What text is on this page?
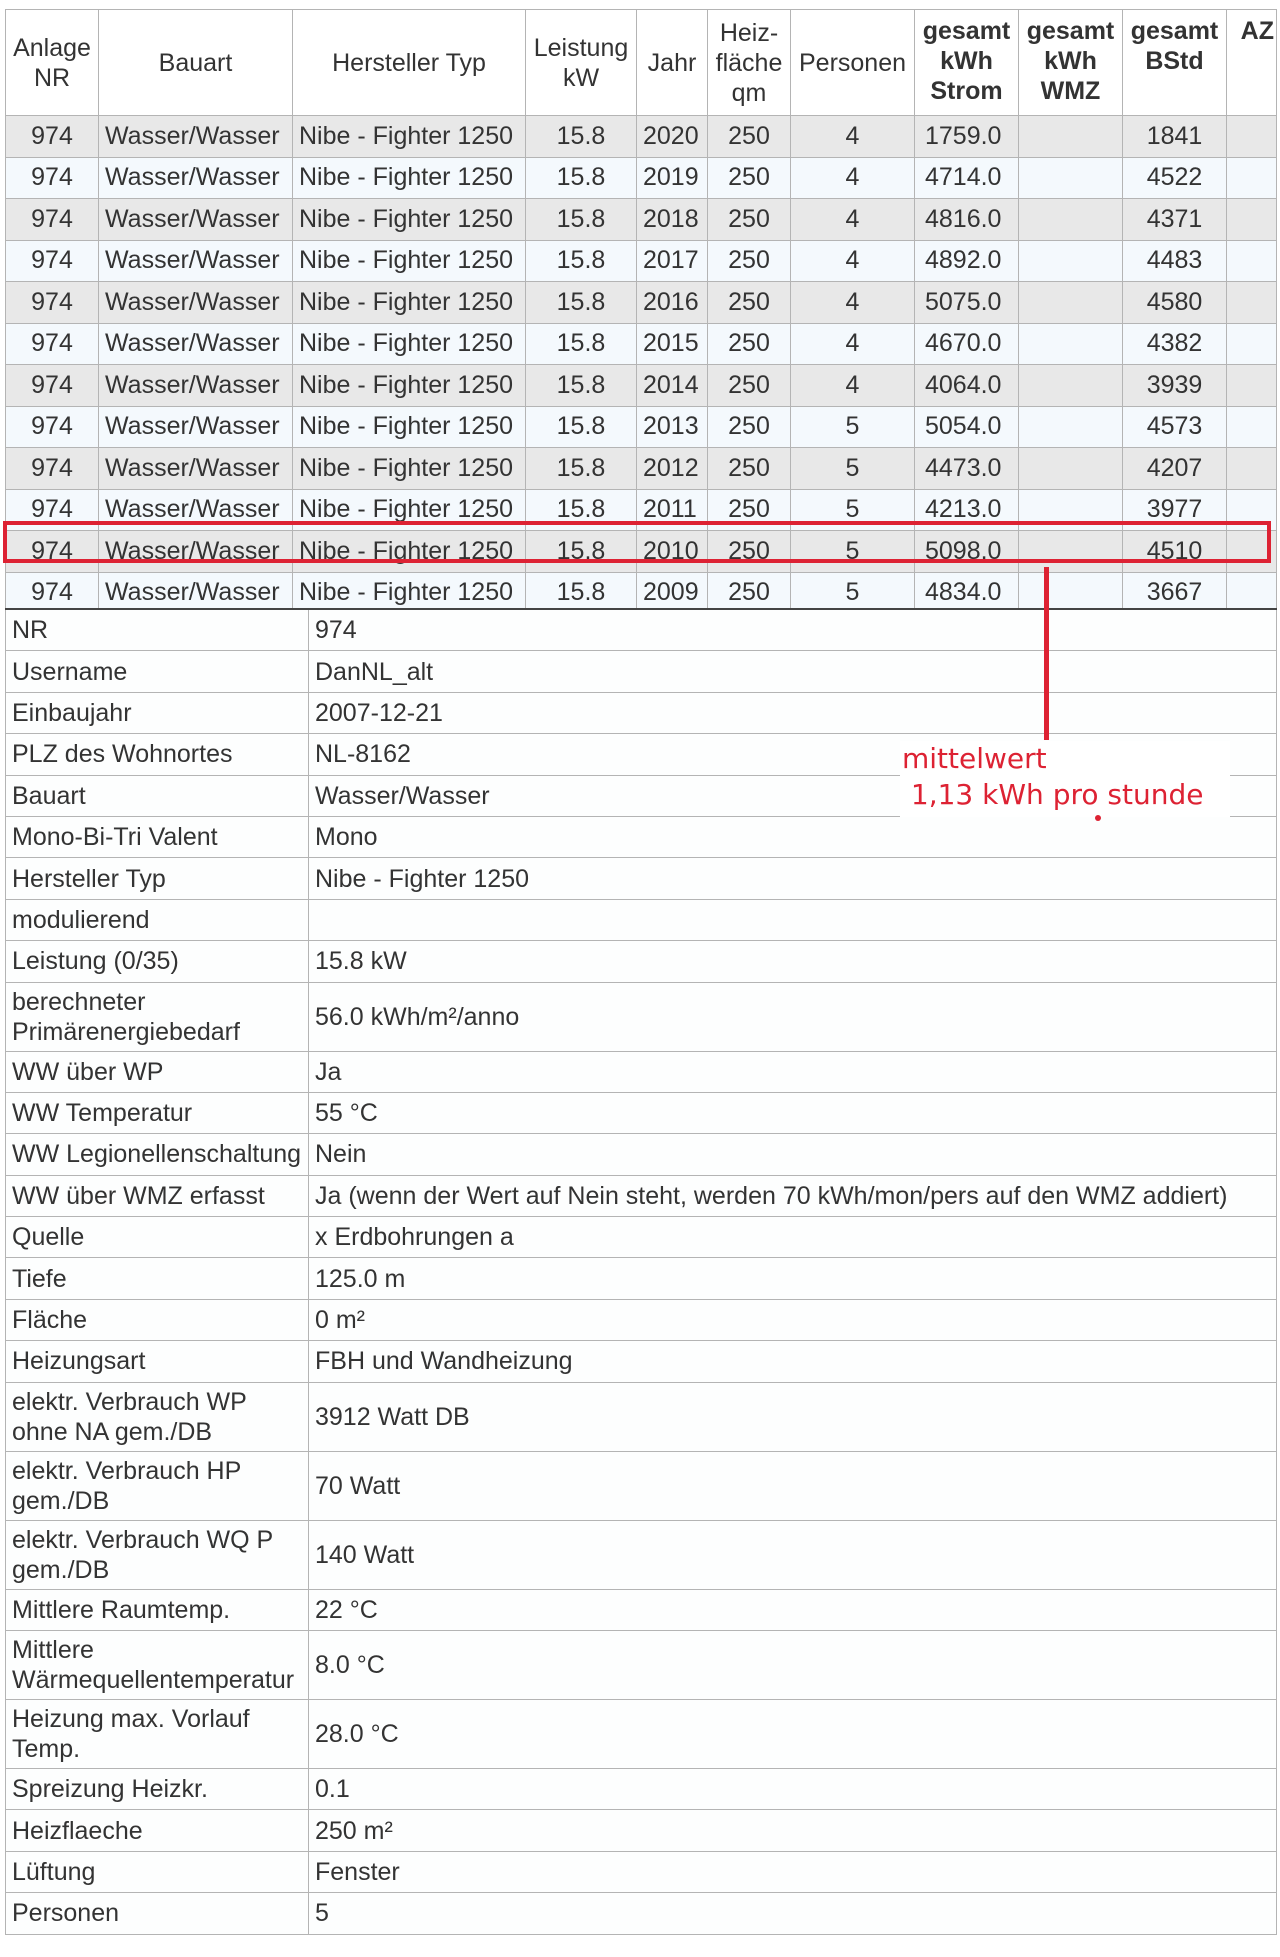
Anlage NR	Bauart	Hersteller Typ	Leistung kW	Jahr	Heiz-fläche qm	Personen	gesamt kWh Strom	gesamt kWh WMZ	gesamt BStd	AZ
974	Wasser/Wasser	Nibe - Fighter 1250	15.8	2020	250	4	1759.0		1841	
974	Wasser/Wasser	Nibe - Fighter 1250	15.8	2019	250	4	4714.0		4522	
974	Wasser/Wasser	Nibe - Fighter 1250	15.8	2018	250	4	4816.0		4371	
974	Wasser/Wasser	Nibe - Fighter 1250	15.8	2017	250	4	4892.0		4483	
974	Wasser/Wasser	Nibe - Fighter 1250	15.8	2016	250	4	5075.0		4580	
974	Wasser/Wasser	Nibe - Fighter 1250	15.8	2015	250	4	4670.0		4382	
974	Wasser/Wasser	Nibe - Fighter 1250	15.8	2014	250	4	4064.0		3939	
974	Wasser/Wasser	Nibe - Fighter 1250	15.8	2013	250	5	5054.0		4573	
974	Wasser/Wasser	Nibe - Fighter 1250	15.8	2012	250	5	4473.0		4207	
974	Wasser/Wasser	Nibe - Fighter 1250	15.8	2011	250	5	4213.0		3977	
974	Wasser/Wasser	Nibe - Fighter 1250	15.8	2010	250	5	5098.0		4510	
974	Wasser/Wasser	Nibe - Fighter 1250	15.8	2009	250	5	4834.0		3667	
NR	974
Username	DanNL_alt
Einbaujahr	2007-12-21
PLZ des Wohnortes	NL-8162
Bauart	Wasser/Wasser
Mono-Bi-Tri Valent	Mono
Hersteller Typ	Nibe - Fighter 1250
modulierend	
Leistung (0/35)	15.8 kW
berechneter Primärenergiebedarf	56.0 kWh/m²/anno
WW über WP	Ja
WW Temperatur	55 °C
WW Legionellenschaltung	Nein
WW über WMZ erfasst	Ja (wenn der Wert auf Nein steht, werden 70 kWh/mon/pers auf den WMZ addiert)
Quelle	x Erdbohrungen a
Tiefe	125.0 m
Fläche	0 m²
Heizungsart	FBH und Wandheizung
elektr. Verbrauch WP ohne NA gem./DB	3912 Watt DB
elektr. Verbrauch HP gem./DB	70 Watt
elektr. Verbrauch WQ P gem./DB	140 Watt
Mittlere Raumtemp.	22 °C
Mittlere Wärmequellentemperatur	8.0 °C
Heizung max. Vorlauf Temp.	28.0 °C
Spreizung Heizkr.	0.1
Heizflaeche	250 m²
Lüftung	Fenster
Personen	5
mittelwert
1,13 kWh pro stunde
